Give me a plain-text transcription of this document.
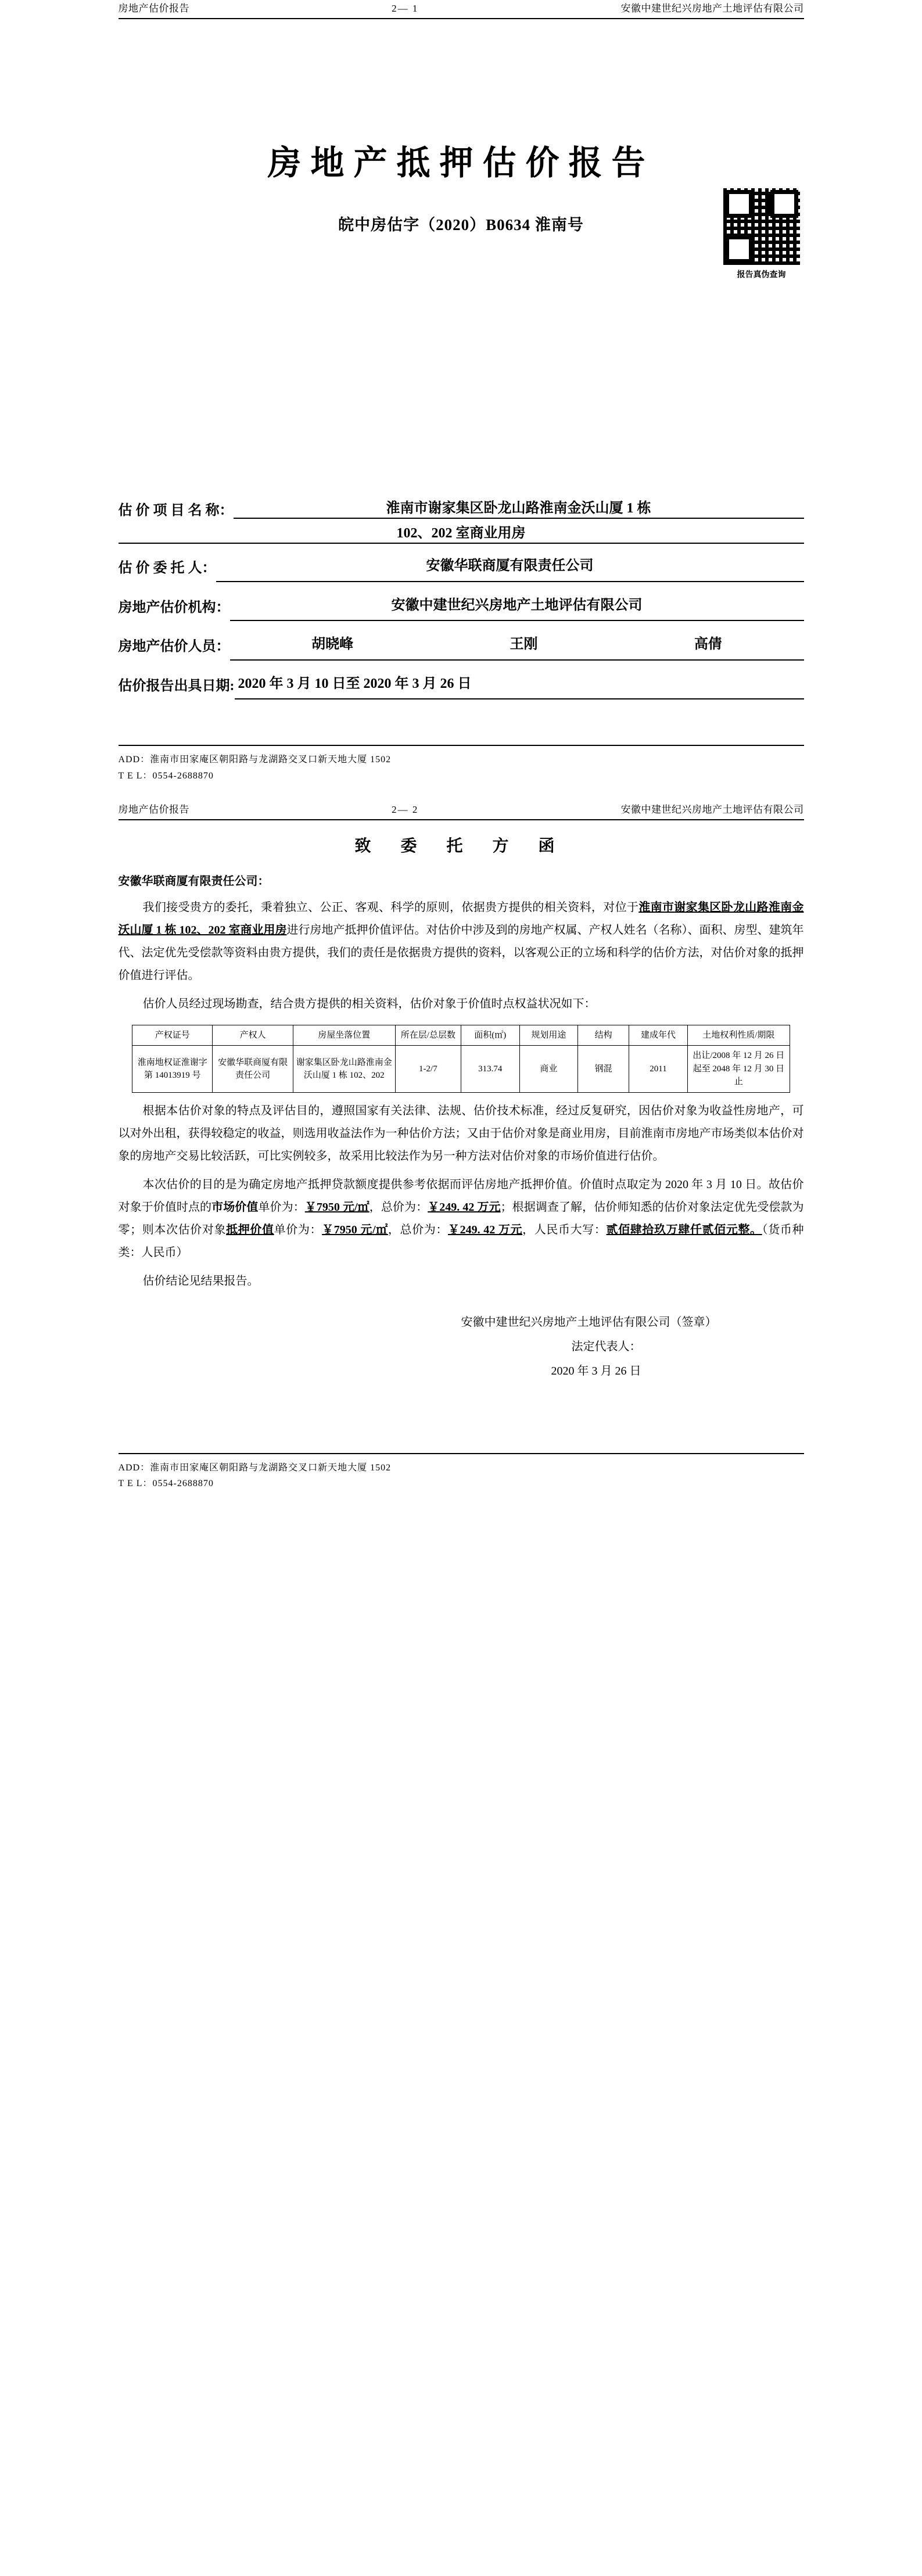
房地产估价报告	2— 1	安徽中建世纪兴房地产土地评估有限公司
报告真伪查询
房地产抵押估价报告
皖中房估字（2020）B0634 淮南号
估 价 项 目 名 称：	淮南市谢家集区卧龙山路淮南金沃山厦 1 栋
102、202 室商业用房
估 价 委 托 人：	安徽华联商厦有限责任公司
房地产估价机构：	安徽中建世纪兴房地产土地评估有限公司
房地产估价人员：	胡晓峰	王刚	高倩
估价报告出具日期: 2020 年 3 月 10 日至 2020 年 3 月 26 日
ADD：淮南市田家庵区朝阳路与龙湖路交叉口新天地大厦 1502
T E L：0554-2688870
房地产估价报告	2— 2	安徽中建世纪兴房地产土地评估有限公司
致 委 托 方 函
安徽华联商厦有限责任公司：

我们接受贵方的委托，秉着独立、公正、客观、科学的原则，依据贵方提供的相关资料，对位于淮南市谢家集区卧龙山路淮南金沃山厦 1 栋 102、202 室商业用房进行房地产抵押价值评估。对估价中涉及到的房地产权属、产权人姓名（名称）、面积、房型、建筑年代、法定优先受偿款等资料由贵方提供，我们的责任是依据贵方提供的资料，以客观公正的立场和科学的估价方法，对估价对象的抵押价值进行评估。

估价人员经过现场勘查，结合贵方提供的相关资料，估价对象于价值时点权益状况如下：

产权证号	产权人	房屋坐落位置	所在层/总层数	面积(㎡)	规划用途	结构	建成年代	土地权利性质/期限
淮南地权证淮谢字第 14013919 号	安徽华联商厦有限责任公司	谢家集区卧龙山路淮南金沃山厦 1 栋 102、202	1-2/7	313.74	商业	钢混	2011	出让/2008 年 12 月 26 日起至 2048 年 12 月 30 日止

根据本估价对象的特点及评估目的，遵照国家有关法律、法规、估价技术标准，经过反复研究，因估价对象为收益性房地产，可以对外出租，获得较稳定的收益，则选用收益法作为一种估价方法；又由于估价对象是商业用房，目前淮南市房地产市场类似本估价对象的房地产交易比较活跃，可比实例较多，故采用比较法作为另一种方法对估价对象的市场价值进行估价。

本次估价的目的是为确定房地产抵押贷款额度提供参考依据而评估房地产抵押价值。价值时点取定为 2020 年 3 月 10 日。故估价对象于价值时点的市场价值单价为：￥7950 元/㎡，总价为：￥249. 42 万元；根据调查了解，估价师知悉的估价对象法定优先受偿款为零；则本次估价对象抵押价值单价为：￥7950 元/㎡，总价为：￥249. 42 万元，人民币大写：贰佰肆拾玖万肆仟贰佰元整。（货币种类：人民币）

估价结论见结果报告。

安徽中建世纪兴房地产土地评估有限公司（签章）
法定代表人：
2020 年 3 月 26 日
ADD：淮南市田家庵区朝阳路与龙湖路交叉口新天地大厦 1502
T E L：0554-2688870
